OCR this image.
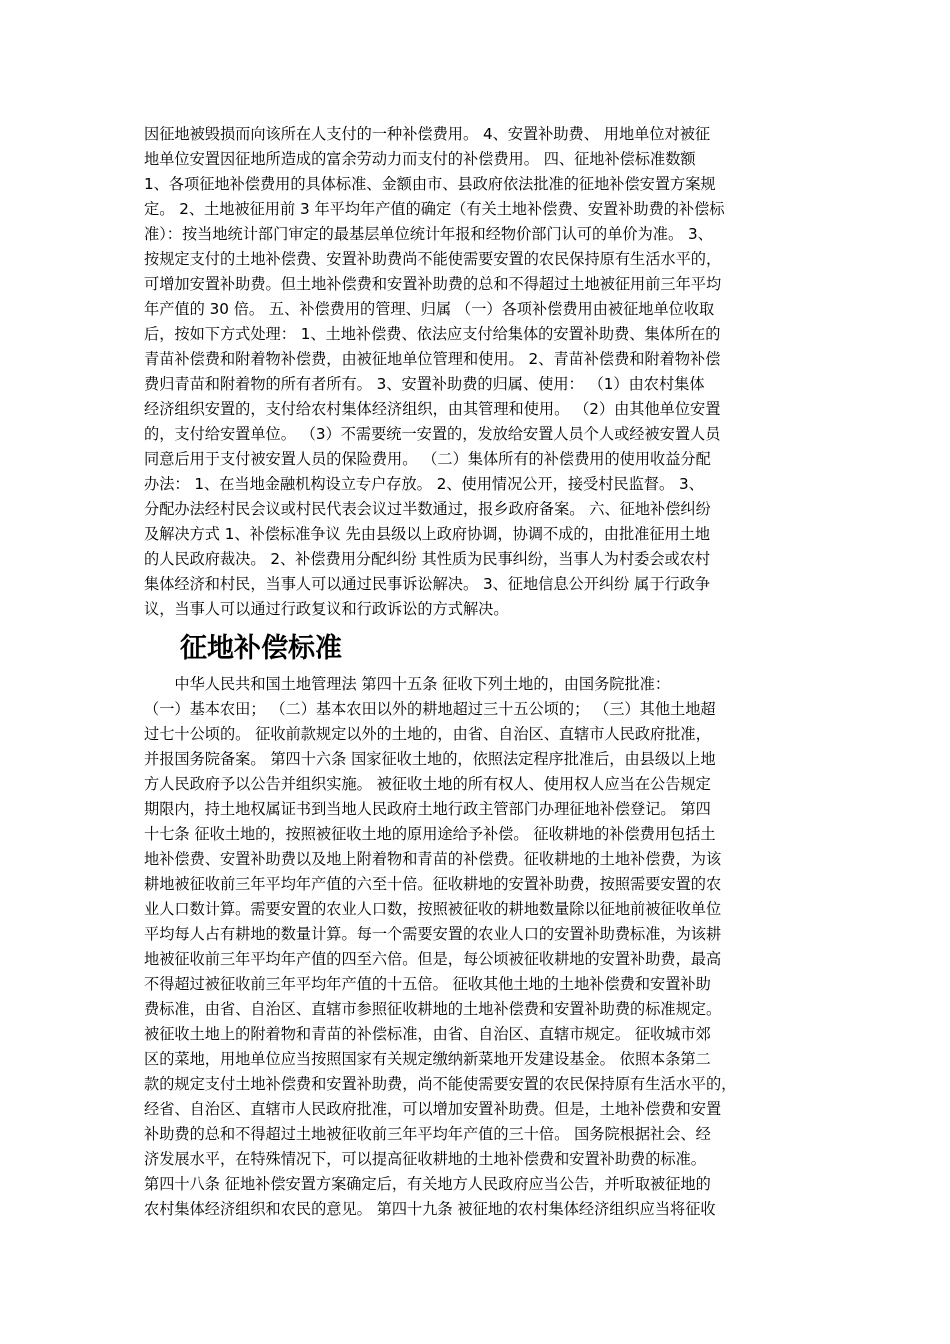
因征地被毁损而向该所在人支付的一种补偿费用。 4、安置补助费、 用地单位对被征
地单位安置因征地所造成的富余劳动力而支付的补偿费用。 四、征地补偿标准数额
1、各项征地补偿费用的具体标准、金额由市、县政府依法批准的征地补偿安置方案规
定。 2、土地被征用前 3 年平均年产值的确定（有关土地补偿费、安置补助费的补偿标
准）：按当地统计部门审定的最基层单位统计年报和经物价部门认可的单价为准。 3、
按规定支付的土地补偿费、安置补助费尚不能使需要安置的农民保持原有生活水平的，
可增加安置补助费。但土地补偿费和安置补助费的总和不得超过土地被征用前三年平均
年产值的 30 倍。 五、补偿费用的管理、归属 （一）各项补偿费用由被征地单位收取
后，按如下方式处理： 1、土地补偿费、依法应支付给集体的安置补助费、集体所在的
青苗补偿费和附着物补偿费，由被征地单位管理和使用。 2、青苗补偿费和附着物补偿
费归青苗和附着物的所有者所有。 3、安置补助费的归属、使用： （1）由农村集体
经济组织安置的，支付给农村集体经济组织，由其管理和使用。 （2）由其他单位安置
的，支付给安置单位。 （3）不需要统一安置的，发放给安置人员个人或经被安置人员
同意后用于支付被安置人员的保险费用。 （二）集体所有的补偿费用的使用收益分配
办法： 1、在当地金融机构设立专户存放。 2、使用情况公开，接受村民监督。 3、
分配办法经村民会议或村民代表会议过半数通过，报乡政府备案。 六、征地补偿纠纷
及解决方式 1、补偿标准争议 先由县级以上政府协调，协调不成的，由批准征用土地
的人民政府裁决。 2、补偿费用分配纠纷 其性质为民事纠纷，当事人为村委会或农村
集体经济和村民，当事人可以通过民事诉讼解决。 3、征地信息公开纠纷 属于行政争
议，当事人可以通过行政复议和行政诉讼的方式解决。
征地补偿标准
　　中华人民共和国土地管理法 第四十五条 征收下列土地的，由国务院批准：
（一）基本农田； （二）基本农田以外的耕地超过三十五公顷的； （三）其他土地超
过七十公顷的。 征收前款规定以外的土地的，由省、自治区、直辖市人民政府批准，
并报国务院备案。 第四十六条 国家征收土地的，依照法定程序批准后，由县级以上地
方人民政府予以公告并组织实施。 被征收土地的所有权人、使用权人应当在公告规定
期限内，持土地权属证书到当地人民政府土地行政主管部门办理征地补偿登记。 第四
十七条 征收土地的，按照被征收土地的原用途给予补偿。 征收耕地的补偿费用包括土
地补偿费、安置补助费以及地上附着物和青苗的补偿费。征收耕地的土地补偿费，为该
耕地被征收前三年平均年产值的六至十倍。征收耕地的安置补助费，按照需要安置的农
业人口数计算。需要安置的农业人口数，按照被征收的耕地数量除以征地前被征收单位
平均每人占有耕地的数量计算。每一个需要安置的农业人口的安置补助费标准，为该耕
地被征收前三年平均年产值的四至六倍。但是，每公顷被征收耕地的安置补助费，最高
不得超过被征收前三年平均年产值的十五倍。 征收其他土地的土地补偿费和安置补助
费标准，由省、自治区、直辖市参照征收耕地的土地补偿费和安置补助费的标准规定。
被征收土地上的附着物和青苗的补偿标准，由省、自治区、直辖市规定。 征收城市郊
区的菜地，用地单位应当按照国家有关规定缴纳新菜地开发建设基金。 依照本条第二
款的规定支付土地补偿费和安置补助费，尚不能使需要安置的农民保持原有生活水平的，
经省、自治区、直辖市人民政府批准，可以增加安置补助费。但是，土地补偿费和安置
补助费的总和不得超过土地被征收前三年平均年产值的三十倍。 国务院根据社会、经
济发展水平，在特殊情况下，可以提高征收耕地的土地补偿费和安置补助费的标准。
第四十八条 征地补偿安置方案确定后，有关地方人民政府应当公告，并听取被征地的
农村集体经济组织和农民的意见。 第四十九条 被征地的农村集体经济组织应当将征收
